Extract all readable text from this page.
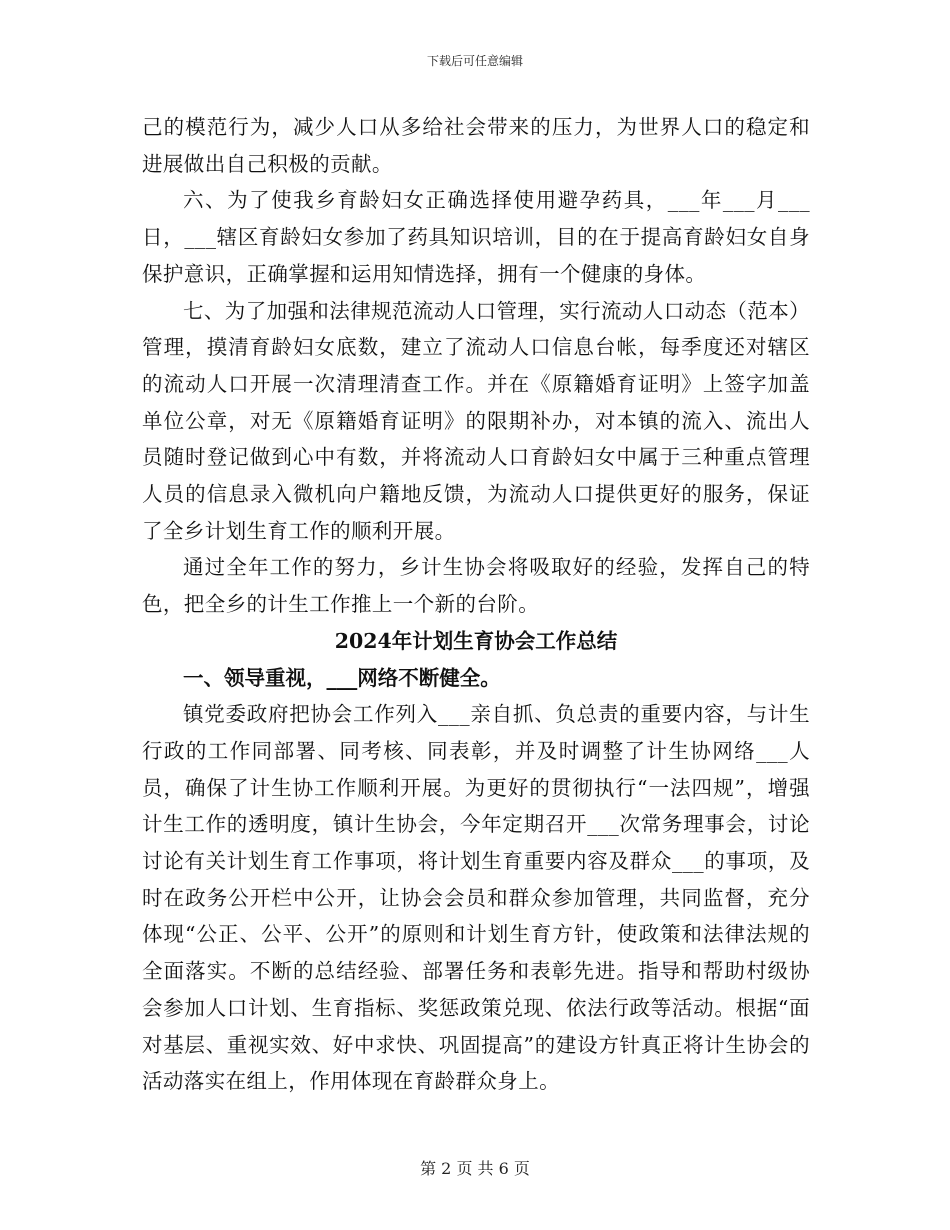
下载后可任意编辑

己的模范行为，减少人口从多给社会带来的压力，为世界人口的稳定和进展做出自己积极的贡献。

六、为了使我乡育龄妇女正确选择使用避孕药具，___年___月___日，___辖区育龄妇女参加了药具知识培训，目的在于提高育龄妇女自身保护意识，正确掌握和运用知情选择，拥有一个健康的身体。

七、为了加强和法律规范流动人口管理，实行流动人口动态（范本）管理，摸清育龄妇女底数，建立了流动人口信息台帐，每季度还对辖区的流动人口开展一次清理清查工作。并在《原籍婚育证明》上签字加盖单位公章，对无《原籍婚育证明》的限期补办，对本镇的流入、流出人员随时登记做到心中有数，并将流动人口育龄妇女中属于三种重点管理人员的信息录入微机向户籍地反馈，为流动人口提供更好的服务，保证了全乡计划生育工作的顺利开展。

通过全年工作的努力，乡计生协会将吸取好的经验，发挥自己的特色，把全乡的计生工作推上一个新的台阶。

2024年计划生育协会工作总结

一、领导重视，___网络不断健全。

镇党委政府把协会工作列入___亲自抓、负总责的重要内容，与计生行政的工作同部署、同考核、同表彰，并及时调整了计生协网络___人员，确保了计生协工作顺利开展。为更好的贯彻执行“一法四规”，增强计生工作的透明度，镇计生协会，今年定期召开___次常务理事会，讨论讨论有关计划生育工作事项，将计划生育重要内容及群众___的事项，及时在政务公开栏中公开，让协会会员和群众参加管理，共同监督，充分体现“公正、公平、公开”的原则和计划生育方针，使政策和法律法规的全面落实。不断的总结经验、部署任务和表彰先进。指导和帮助村级协会参加人口计划、生育指标、奖惩政策兑现、依法行政等活动。根据“面对基层、重视实效、好中求快、巩固提高”的建设方针真正将计生协会的活动落实在组上，作用体现在育龄群众身上。

第 2 页 共 6 页
